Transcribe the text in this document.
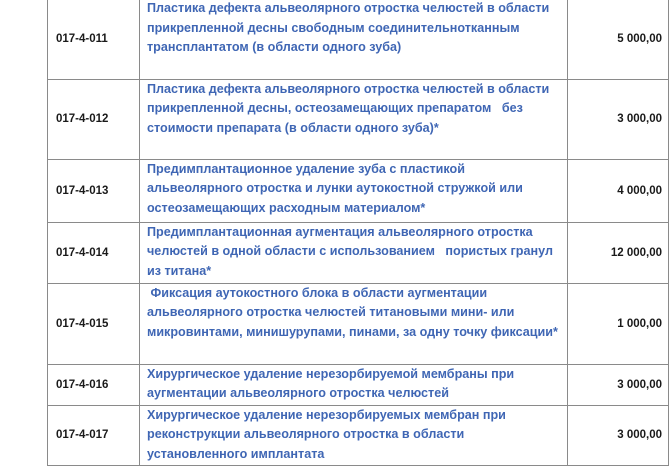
017-4-011	Пластика дефекта альвеолярного отростка челюстей в области прикрепленной десны свободным соединительнотканным трансплантатом (в области одного зуба)	5 000,00
017-4-012	Пластика дефекта альвеолярного отростка челюстей в области прикрепленной десны, остеозамещающих препаратом   без стоимости препарата (в области одного зуба)*	3 000,00
017-4-013	Предимплантационное удаление зуба с пластикой альвеолярного отростка и лунки аутокостной стружкой или остеозамещающих расходным материалом*	4 000,00
017-4-014	Предимплантационная аугментация альвеолярного отростка челюстей в одной области с использованием   пористых гранул из титана*	12 000,00
017-4-015	Фиксация аутокостного блока в области аугментации альвеолярного отростка челюстей титановыми мини- или микровинтами, минишурупами, пинами, за одну точку фиксации*	1 000,00
017-4-016	Хирургическое удаление нерезорбируемой мембраны при аугментации альвеолярного отростка челюстей	3 000,00
017-4-017	Хирургическое удаление нерезорбируемых мембран при реконструкции альвеолярного отростка в области установленного имплантата	3 000,00
